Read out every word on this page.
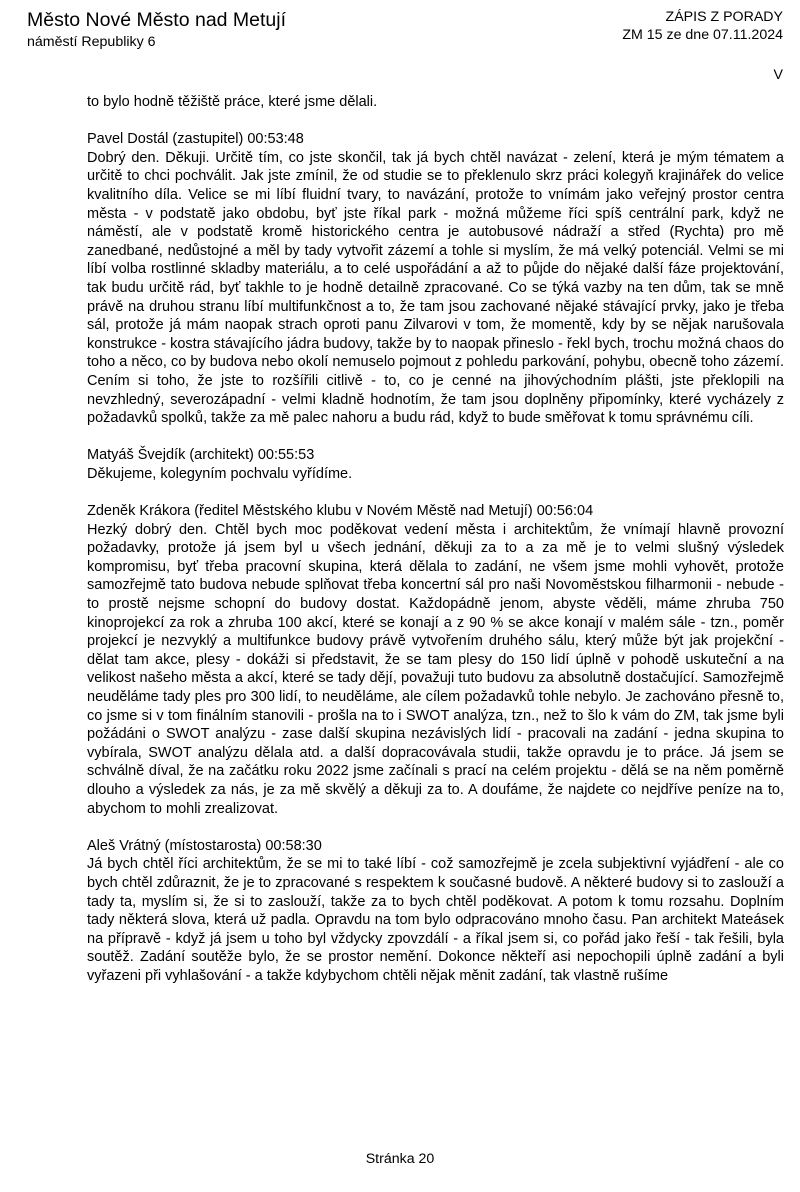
Město Nové Město nad Metují
náměstí Republiky 6
ZÁPIS Z PORADY
ZM 15 ze dne 07.11.2024
V
to bylo hodně těžiště práce, které jsme dělali.
Pavel Dostál (zastupitel) 00:53:48
Dobrý den. Děkuji. Určitě tím, co jste skončil, tak já bych chtěl navázat - zelení, která je mým tématem a určitě to chci pochválit. Jak jste zmínil, že od studie se to překlenulo skrz práci kolegyň krajinářek do velice kvalitního díla. Velice se mi líbí fluidní tvary, to navázání, protože to vnímám jako veřejný prostor centra města - v podstatě jako obdobu, byť jste říkal park - možná můžeme říci spíš centrální park, když ne náměstí, ale v podstatě kromě historického centra je autobusové nádraží a střed (Rychta) pro mě zanedbané, nedůstojné a měl by tady vytvořit zázemí a tohle si myslím, že má velký potenciál. Velmi se mi líbí volba rostlinné skladby materiálu, a to celé uspořádání a až to půjde do nějaké další fáze projektování, tak budu určitě rád, byť takhle to je hodně detailně zpracované. Co se týká vazby na ten dům, tak se mně právě na druhou stranu líbí multifunkčnost a to, že tam jsou zachované nějaké stávající prvky, jako je třeba sál, protože já mám naopak strach oproti panu Zilvarovi v tom, že momentě, kdy by se nějak narušovala konstrukce - kostra stávajícího jádra budovy, takže by to naopak přineslo - řekl bych, trochu možná chaos do toho a něco, co by budova nebo okolí nemuselo pojmout z pohledu parkování, pohybu, obecně toho zázemí. Cením si toho, že jste to rozšířili citlivě - to, co je cenné na jihovýchodním plášti, jste překlopili na nevzhledný, severozápadní - velmi kladně hodnotím, že tam jsou doplněny připomínky, které vycházely z požadavků spolků, takže za mě palec nahoru a budu rád, když to bude směřovat k tomu správnému cíli.
Matyáš Švejdík (architekt) 00:55:53
Děkujeme, kolegyním pochvalu vyřídíme.
Zdeněk Krákora (ředitel Městského klubu v Novém Městě nad Metují) 00:56:04
Hezký dobrý den. Chtěl bych moc poděkovat vedení města i architektům, že vnímají hlavně provozní požadavky, protože já jsem byl u všech jednání, děkuji za to a za mě je to velmi slušný výsledek kompromisu, byť třeba pracovní skupina, která dělala to zadání, ne všem jsme mohli vyhovět, protože samozřejmě tato budova nebude splňovat třeba koncertní sál pro naši Novoměstskou filharmonii - nebude - to prostě nejsme schopní do budovy dostat. Každopádně jenom, abyste věděli, máme zhruba 750 kinoprojekcí za rok a zhruba 100 akcí, které se konají a z 90 % se akce konají v malém sále - tzn., poměr projekcí je nezvyklý a multifunkce budovy právě vytvořením druhého sálu, který může být jak projekční - dělat tam akce, plesy - dokáži si představit, že se tam plesy do 150 lidí úplně v pohodě uskuteční a na velikost našeho města a akcí, které se tady dějí, považuji tuto budovu za absolutně dostačující. Samozřejmě neuděláme tady ples pro 300 lidí, to neuděláme, ale cílem požadavků tohle nebylo. Je zachováno přesně to, co jsme si v tom finálním stanovili - prošla na to i SWOT analýza, tzn., než to šlo k vám do ZM, tak jsme byli požádáni o SWOT analýzu - zase další skupina nezávislých lidí - pracovali na zadání - jedna skupina to vybírala, SWOT analýzu dělala atd. a další dopracovávala studii, takže opravdu je to práce. Já jsem se schválně díval, že na začátku roku 2022 jsme začínali s prací na celém projektu - dělá se na něm poměrně dlouho a výsledek za nás, je za mě skvělý a děkuji za to. A doufáme, že najdete co nejdříve peníze na to, abychom to mohli zrealizovat.
Aleš Vrátný (místostarosta) 00:58:30
Já bych chtěl říci architektům, že se mi to také líbí - což samozřejmě je zcela subjektivní vyjádření - ale co bych chtěl zdůraznit, že je to zpracované s respektem k současné budově. A některé budovy si to zaslouží a tady ta, myslím si, že si to zaslouží, takže za to bych chtěl poděkovat. A potom k tomu rozsahu. Doplním tady některá slova, která už padla. Opravdu na tom bylo odpracováno mnoho času. Pan architekt Mateásek na přípravě - když já jsem u toho byl vždycky zpovzdálí - a říkal jsem si, co pořád jako řeší - tak řešili, byla soutěž. Zadání soutěže bylo, že se prostor nemění. Dokonce někteří asi nepochopili úplně zadání a byli vyřazeni při vyhlašování - a takže kdybychom chtěli nějak měnit zadání, tak vlastně rušíme
Stránka 20
